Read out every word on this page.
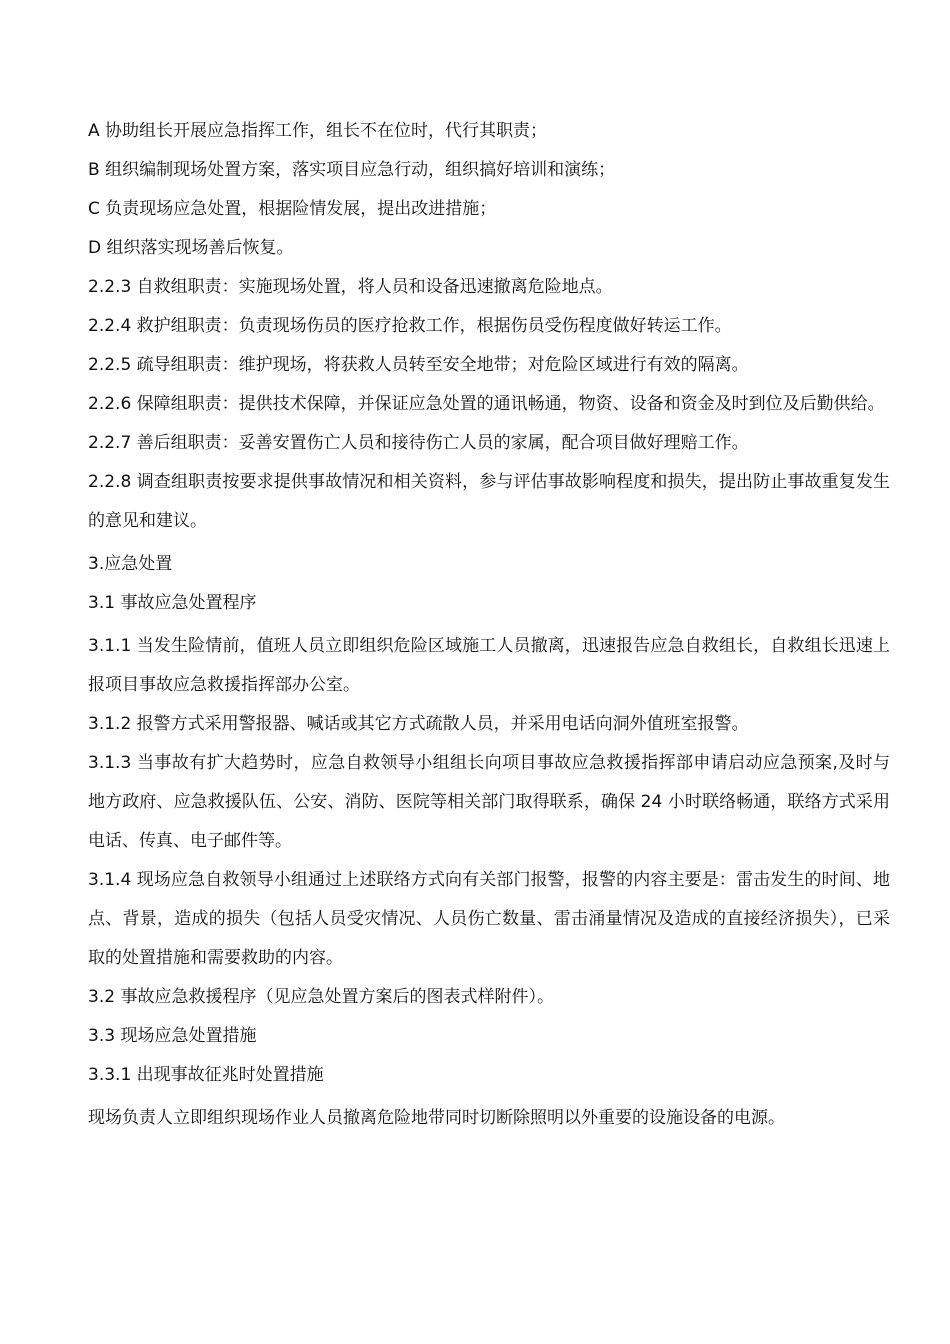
A 协助组长开展应急指挥工作，组长不在位时，代行其职责；

B 组织编制现场处置方案，落实项目应急行动，组织搞好培训和演练；

C 负责现场应急处置，根据险情发展，提出改进措施；

D 组织落实现场善后恢复。

2.2.3 自救组职责：实施现场处置，将人员和设备迅速撤离危险地点。

2.2.4 救护组职责：负责现场伤员的医疗抢救工作，根据伤员受伤程度做好转运工作。

2.2.5 疏导组职责：维护现场，将获救人员转至安全地带；对危险区域进行有效的隔离。

2.2.6 保障组职责：提供技术保障，并保证应急处置的通讯畅通，物资、设备和资金及时到位及后勤供给。

2.2.7 善后组职责：妥善安置伤亡人员和接待伤亡人员的家属，配合项目做好理赔工作。

2.2.8 调查组职责按要求提供事故情况和相关资料，参与评估事故影响程度和损失，提出防止事故重复发生的意见和建议。

3.应急处置

3.1 事故应急处置程序

3.1.1 当发生险情前，值班人员立即组织危险区域施工人员撤离，迅速报告应急自救组长，自救组长迅速上报项目事故应急救援指挥部办公室。

3.1.2 报警方式采用警报器、喊话或其它方式疏散人员，并采用电话向洞外值班室报警。

3.1.3 当事故有扩大趋势时，应急自救领导小组组长向项目事故应急救援指挥部申请启动应急预案,及时与地方政府、应急救援队伍、公安、消防、医院等相关部门取得联系，确保 24 小时联络畅通，联络方式采用电话、传真、电子邮件等。

3.1.4 现场应急自救领导小组通过上述联络方式向有关部门报警，报警的内容主要是：雷击发生的时间、地点、背景，造成的损失（包括人员受灾情况、人员伤亡数量、雷击涌量情况及造成的直接经济损失），已采取的处置措施和需要救助的内容。

3.2 事故应急救援程序（见应急处置方案后的图表式样附件）。

3.3 现场应急处置措施

3.3.1 出现事故征兆时处置措施

现场负责人立即组织现场作业人员撤离危险地带同时切断除照明以外重要的设施设备的电源。
